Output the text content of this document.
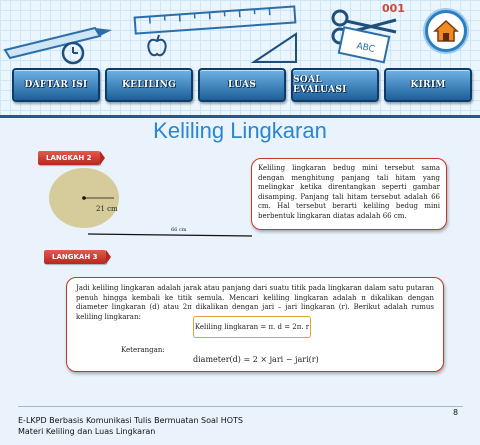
ABC
001
DAFTAR ISI	KELILING	LUAS	SOAL EVALUASI	KIRIM
Keliling Lingkaran
LANGKAH 2
21 cm
66 cm

Keliling lingkaran bedug mini tersebut sama dengan menghitung panjang tali hitam yang melingkar ketika direntangkan seperti gambar disamping. Panjang tali hitam tersebut adalah 66 cm. Hal tersebut berarti keliling bedug mini berbentuk lingkaran diatas adalah 66 cm.

LANGKAH 3

Jadi keliling lingkaran adalah jarak atau panjang dari suatu titik pada lingkaran dalam satu putaran penuh hingga kembali ke titik semula. Mencari keliling lingkaran adalah π dikalikan dengan diameter lingkaran (d) atau 2π dikalikan dengan jari – jari lingkaran (r). Berikut adalah rumus keliling lingkaran:

Keliling lingkaran = π. d = 2π. r
Keterangan:
diameter(d) = 2 × jari − jari(r)
8
E-LKPD Berbasis Komunikasi Tulis Bermuatan Soal HOTS
Materi Keliling dan Luas Lingkaran
